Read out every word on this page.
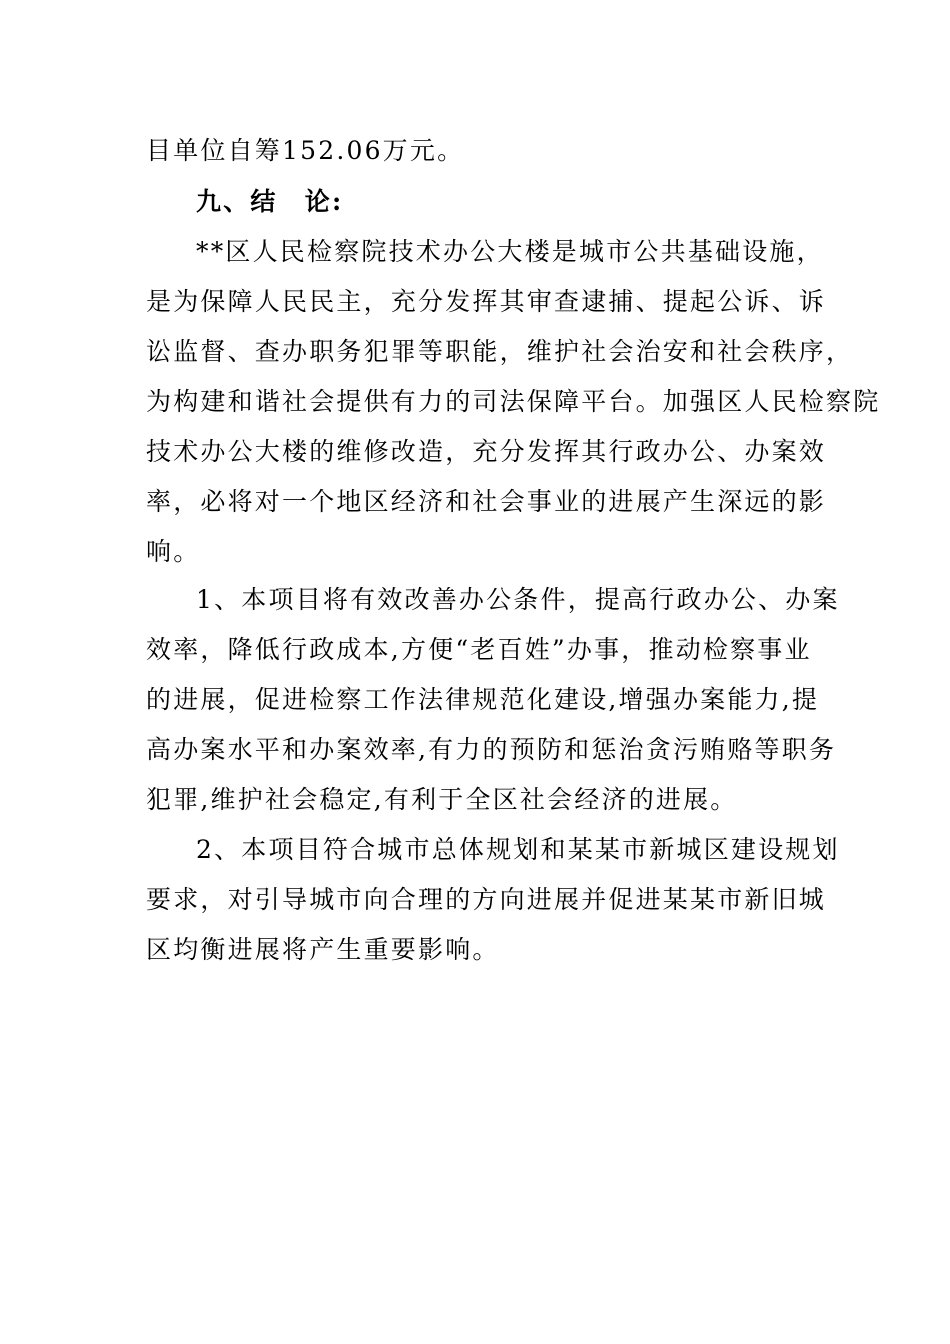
目单位自筹152.06万元。
九、结　论:
**区人民检察院技术办公大楼是城市公共基础设施，
是为保障人民民主，充分发挥其审查逮捕、提起公诉、诉
讼监督、查办职务犯罪等职能，维护社会治安和社会秩序，
为构建和谐社会提供有力的司法保障平台。加强区人民检察院
技术办公大楼的维修改造，充分发挥其行政办公、办案效
率，必将对一个地区经济和社会事业的进展产生深远的影
响。
1、本项目将有效改善办公条件，提高行政办公、办案
效率，降低行政成本,方便“老百姓”办事，推动检察事业
的进展，促进检察工作法律规范化建设,增强办案能力,提
高办案水平和办案效率,有力的预防和惩治贪污贿赂等职务
犯罪,维护社会稳定,有利于全区社会经济的进展。
2、本项目符合城市总体规划和某某市新城区建设规划
要求，对引导城市向合理的方向进展并促进某某市新旧城
区均衡进展将产生重要影响。
